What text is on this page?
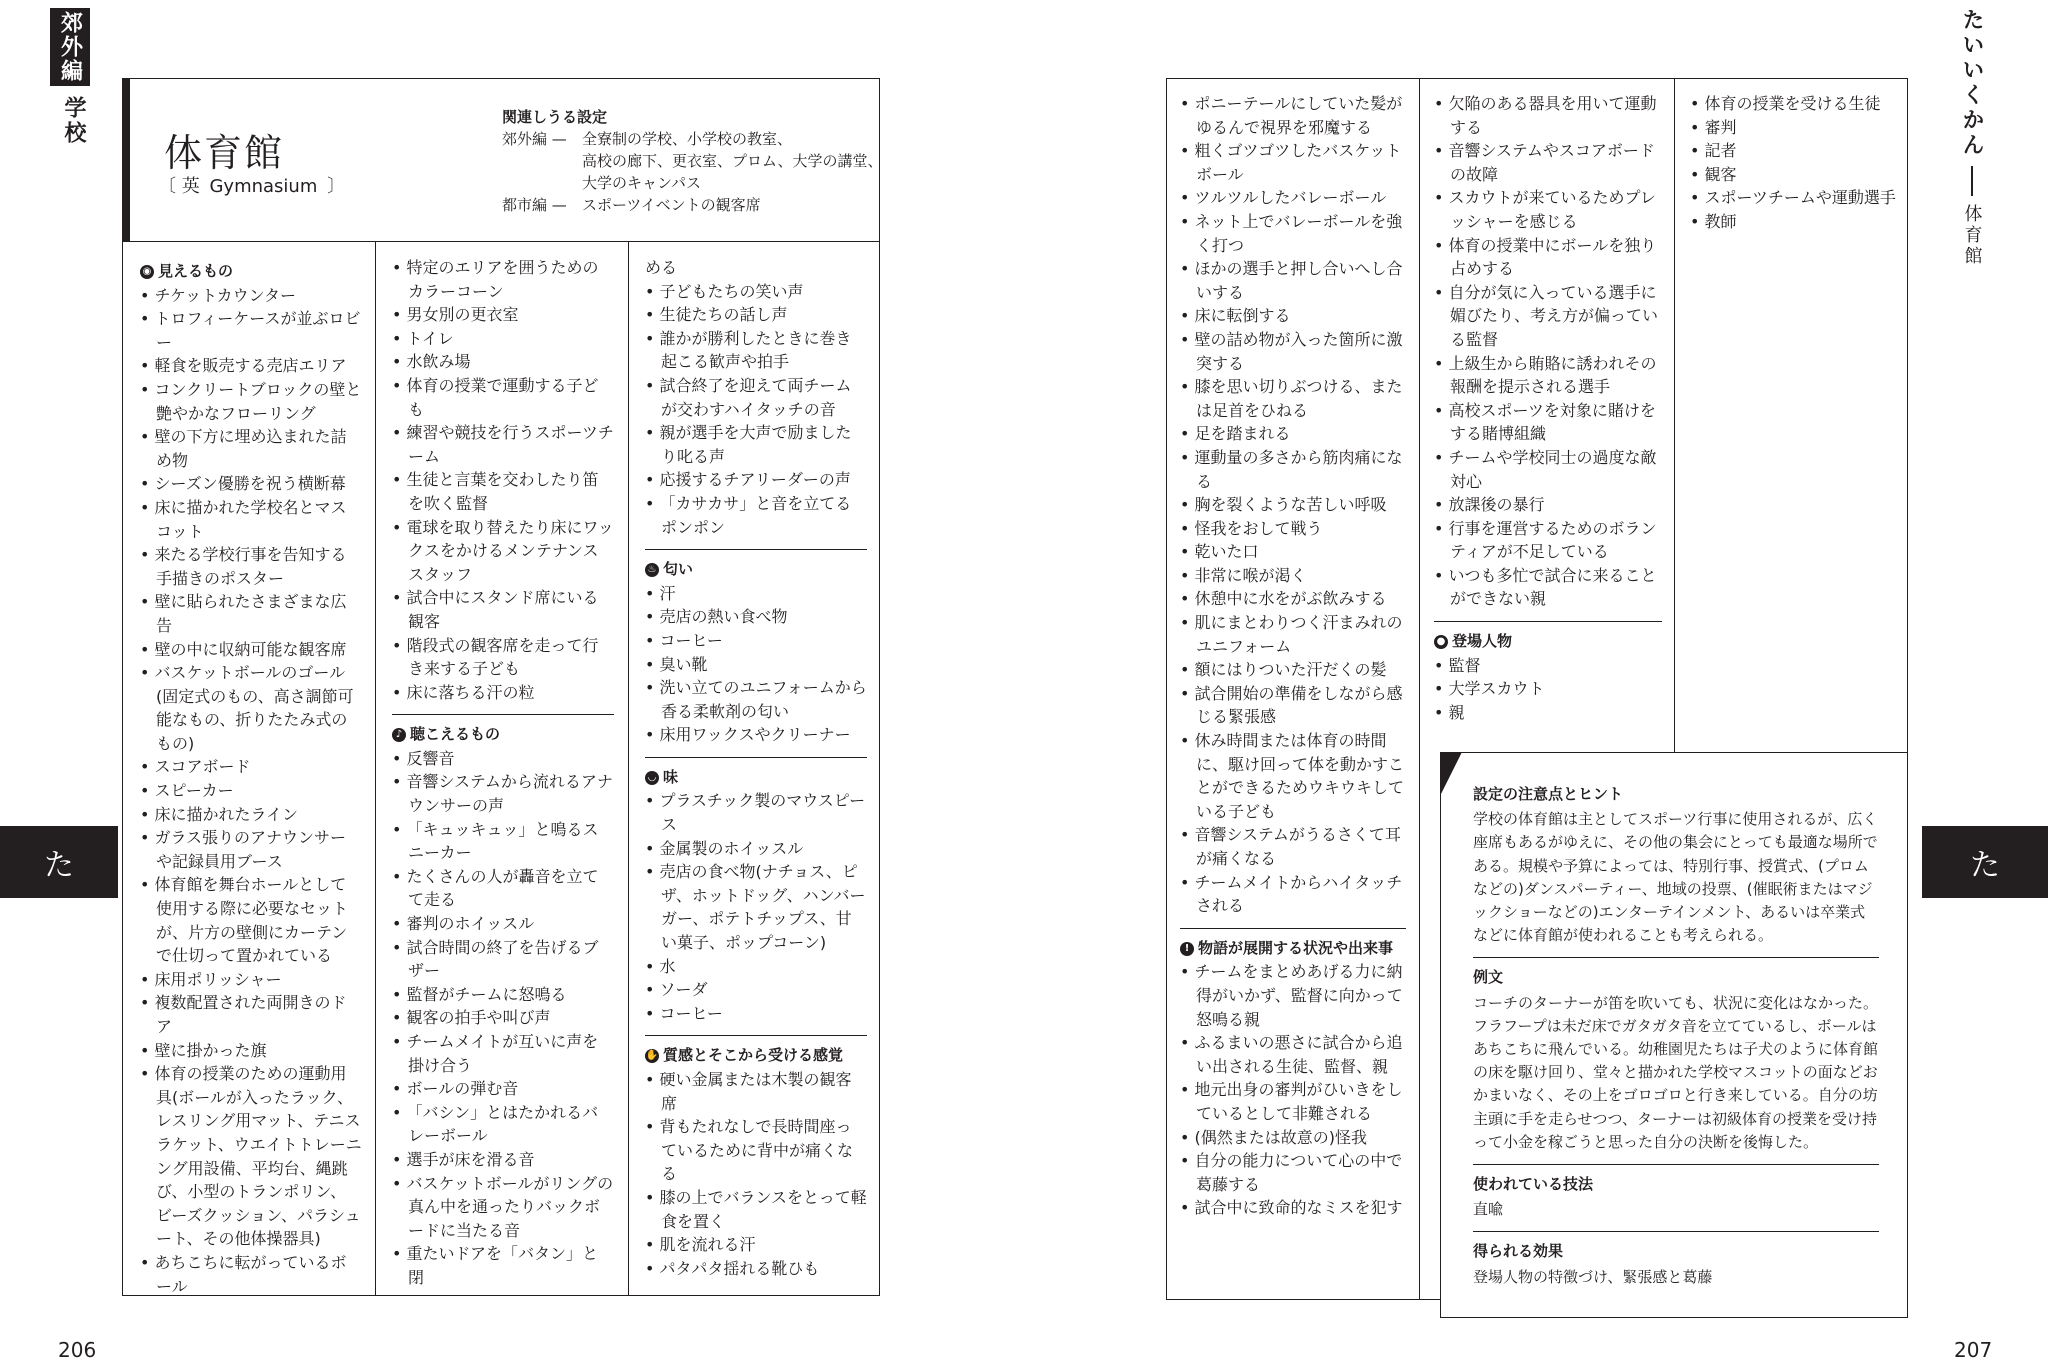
郊外編
学校
た
206
体育館
〔 英 Gymnasium 〕
関連しうる設定
郊外編 —	全寮制の学校、小学校の教室、
高校の廊下、更衣室、プロム、大学の講堂、
大学のキャンパス
都市編 —	スポーツイベントの観客席
◉ 見えるもの
• チケットカウンター
• トロフィーケースが並ぶロビー
• 軽食を販売する売店エリア
• コンクリートブロックの壁と艶やかなフローリング
• 壁の下方に埋め込まれた詰め物
• シーズン優勝を祝う横断幕
• 床に描かれた学校名とマスコット
• 来たる学校行事を告知する手描きのポスター
• 壁に貼られたさまざまな広告
• 壁の中に収納可能な観客席
• バスケットボールのゴール(固定式のもの、高さ調節可能なもの、折りたたみ式のもの)
• スコアボード
• スピーカー
• 床に描かれたライン
• ガラス張りのアナウンサーや記録員用ブース
• 体育館を舞台ホールとして使用する際に必要なセットが、片方の壁側にカーテンで仕切って置かれている
• 床用ポリッシャー
• 複数配置された両開きのドア
• 壁に掛かった旗
• 体育の授業のための運動用具(ボールが入ったラック、レスリング用マット、テニスラケット、ウエイトトレーニング用設備、平均台、縄跳び、小型のトランポリン、ビーズクッション、パラシュート、その他体操器具)
• あちこちに転がっているボール
• 特定のエリアを囲うためのカラーコーン
• 男女別の更衣室
• トイレ
• 水飲み場
• 体育の授業で運動する子ども
• 練習や競技を行うスポーツチーム
• 生徒と言葉を交わしたり笛を吹く監督
• 電球を取り替えたり床にワックスをかけるメンテナンススタッフ
• 試合中にスタンド席にいる観客
• 階段式の観客席を走って行き来する子ども
• 床に落ちる汗の粒
♪ 聴こえるもの
• 反響音
• 音響システムから流れるアナウンサーの声
• 「キュッキュッ」と鳴るスニーカー
• たくさんの人が轟音を立てて走る
• 審判のホイッスル
• 試合時間の終了を告げるブザー
• 監督がチームに怒鳴る
• 観客の拍手や叫び声
• チームメイトが互いに声を掛け合う
• ボールの弾む音
• 「バシン」とはたかれるバレーボール
• 選手が床を滑る音
• バスケットボールがリングの真ん中を通ったりバックボードに当たる音
• 重たいドアを「バタン」と閉
める
• 子どもたちの笑い声
• 生徒たちの話し声
• 誰かが勝利したときに巻き起こる歓声や拍手
• 試合終了を迎えて両チームが交わすハイタッチの音
• 親が選手を大声で励ましたり叱る声
• 応援するチアリーダーの声
• 「カサカサ」と音を立てるポンポン
♨ 匂い
• 汗
• 売店の熱い食べ物
• コーヒー
• 臭い靴
• 洗い立てのユニフォームから香る柔軟剤の匂い
• 床用ワックスやクリーナー
◡ 味
• プラスチック製のマウスピース
• 金属製のホイッスル
• 売店の食べ物(ナチョス、ピザ、ホットドッグ、ハンバーガー、ポテトチップス、甘い菓子、ポップコーン)
• 水
• ソーダ
• コーヒー
✋ 質感とそこから受ける感覚
• 硬い金属または木製の観客席
• 背もたれなしで長時間座っているために背中が痛くなる
• 膝の上でバランスをとって軽食を置く
• 肌を流れる汗
• パタパタ揺れる靴ひも
たいいくかん
体育館
た
207
• ポニーテールにしていた髪がゆるんで視界を邪魔する
• 粗くゴツゴツしたバスケットボール
• ツルツルしたバレーボール
• ネット上でバレーボールを強く打つ
• ほかの選手と押し合いへし合いする
• 床に転倒する
• 壁の詰め物が入った箇所に激突する
• 膝を思い切りぶつける、または足首をひねる
• 足を踏まれる
• 運動量の多さから筋肉痛になる
• 胸を裂くような苦しい呼吸
• 怪我をおして戦う
• 乾いた口
• 非常に喉が渇く
• 休憩中に水をがぶ飲みする
• 肌にまとわりつく汗まみれのユニフォーム
• 額にはりついた汗だくの髪
• 試合開始の準備をしながら感じる緊張感
• 休み時間または体育の時間に、駆け回って体を動かすことができるためウキウキしている子ども
• 音響システムがうるさくて耳が痛くなる
• チームメイトからハイタッチされる
! 物語が展開する状況や出来事
• チームをまとめあげる力に納得がいかず、監督に向かって怒鳴る親
• ふるまいの悪さに試合から追い出される生徒、監督、親
• 地元出身の審判がひいきをしているとして非難される
• (偶然または故意の)怪我
• 自分の能力について心の中で葛藤する
• 試合中に致命的なミスを犯す
• 欠陥のある器具を用いて運動する
• 音響システムやスコアボードの故障
• スカウトが来ているためプレッシャーを感じる
• 体育の授業中にボールを独り占めする
• 自分が気に入っている選手に媚びたり、考え方が偏っている監督
• 上級生から賄賂に誘われその報酬を提示される選手
• 高校スポーツを対象に賭けをする賭博組織
• チームや学校同士の過度な敵対心
• 放課後の暴行
• 行事を運営するためのボランティアが不足している
• いつも多忙で試合に来ることができない親
● 登場人物
• 監督
• 大学スカウト
• 親
• 体育の授業を受ける生徒
• 審判
• 記者
• 観客
• スポーツチームや運動選手
• 教師
設定の注意点とヒント
学校の体育館は主としてスポーツ行事に使用されるが、広く座席もあるがゆえに、その他の集会にとっても最適な場所である。規模や予算によっては、特別行事、授賞式、(プロムなどの)ダンスパーティー、地域の投票、(催眠術またはマジックショーなどの)エンターテインメント、あるいは卒業式などに体育館が使われることも考えられる。
例文
コーチのターナーが笛を吹いても、状況に変化はなかった。フラフープは未だ床でガタガタ音を立てているし、ボールはあちこちに飛んでいる。幼稚園児たちは子犬のように体育館の床を駆け回り、堂々と描かれた学校マスコットの面などおかまいなく、その上をゴロゴロと行き来している。自分の坊主頭に手を走らせつつ、ターナーは初級体育の授業を受け持って小金を稼ごうと思った自分の決断を後悔した。
使われている技法
直喩
得られる効果
登場人物の特徴づけ、緊張感と葛藤
